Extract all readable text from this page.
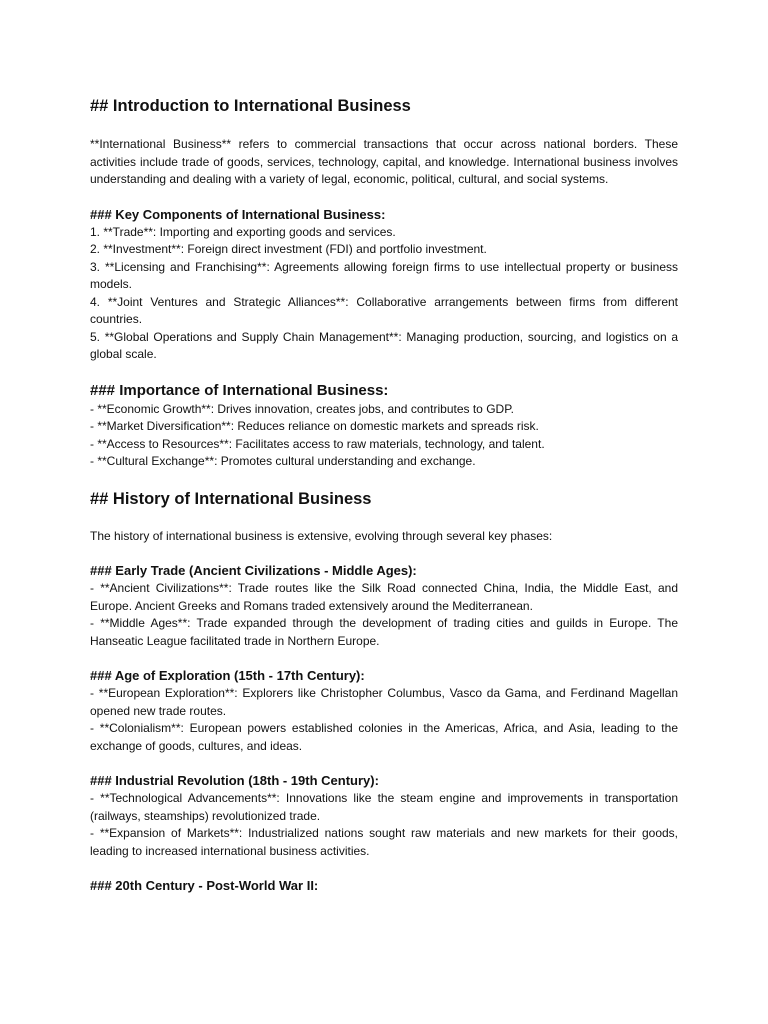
## Introduction to International Business

**International Business** refers to commercial transactions that occur across national borders. These activities include trade of goods, services, technology, capital, and knowledge. International business involves understanding and dealing with a variety of legal, economic, political, cultural, and social systems.

### Key Components of International Business:

1. **Trade**: Importing and exporting goods and services.

2. **Investment**: Foreign direct investment (FDI) and portfolio investment.

3. **Licensing and Franchising**: Agreements allowing foreign firms to use intellectual property or business models.

4. **Joint Ventures and Strategic Alliances**: Collaborative arrangements between firms from different countries.

5. **Global Operations and Supply Chain Management**: Managing production, sourcing, and logistics on a global scale.

### Importance of International Business:

- **Economic Growth**: Drives innovation, creates jobs, and contributes to GDP.

- **Market Diversification**: Reduces reliance on domestic markets and spreads risk.

- **Access to Resources**: Facilitates access to raw materials, technology, and talent.

- **Cultural Exchange**: Promotes cultural understanding and exchange.

## History of International Business

The history of international business is extensive, evolving through several key phases:

### Early Trade (Ancient Civilizations - Middle Ages):

- **Ancient Civilizations**: Trade routes like the Silk Road connected China, India, the Middle East, and Europe. Ancient Greeks and Romans traded extensively around the Mediterranean.

- **Middle Ages**: Trade expanded through the development of trading cities and guilds in Europe. The Hanseatic League facilitated trade in Northern Europe.

### Age of Exploration (15th - 17th Century):

- **European Exploration**: Explorers like Christopher Columbus, Vasco da Gama, and Ferdinand Magellan opened new trade routes.

- **Colonialism**: European powers established colonies in the Americas, Africa, and Asia, leading to the exchange of goods, cultures, and ideas.

### Industrial Revolution (18th - 19th Century):

- **Technological Advancements**: Innovations like the steam engine and improvements in transportation (railways, steamships) revolutionized trade.

- **Expansion of Markets**: Industrialized nations sought raw materials and new markets for their goods, leading to increased international business activities.

### 20th Century - Post-World War II:
